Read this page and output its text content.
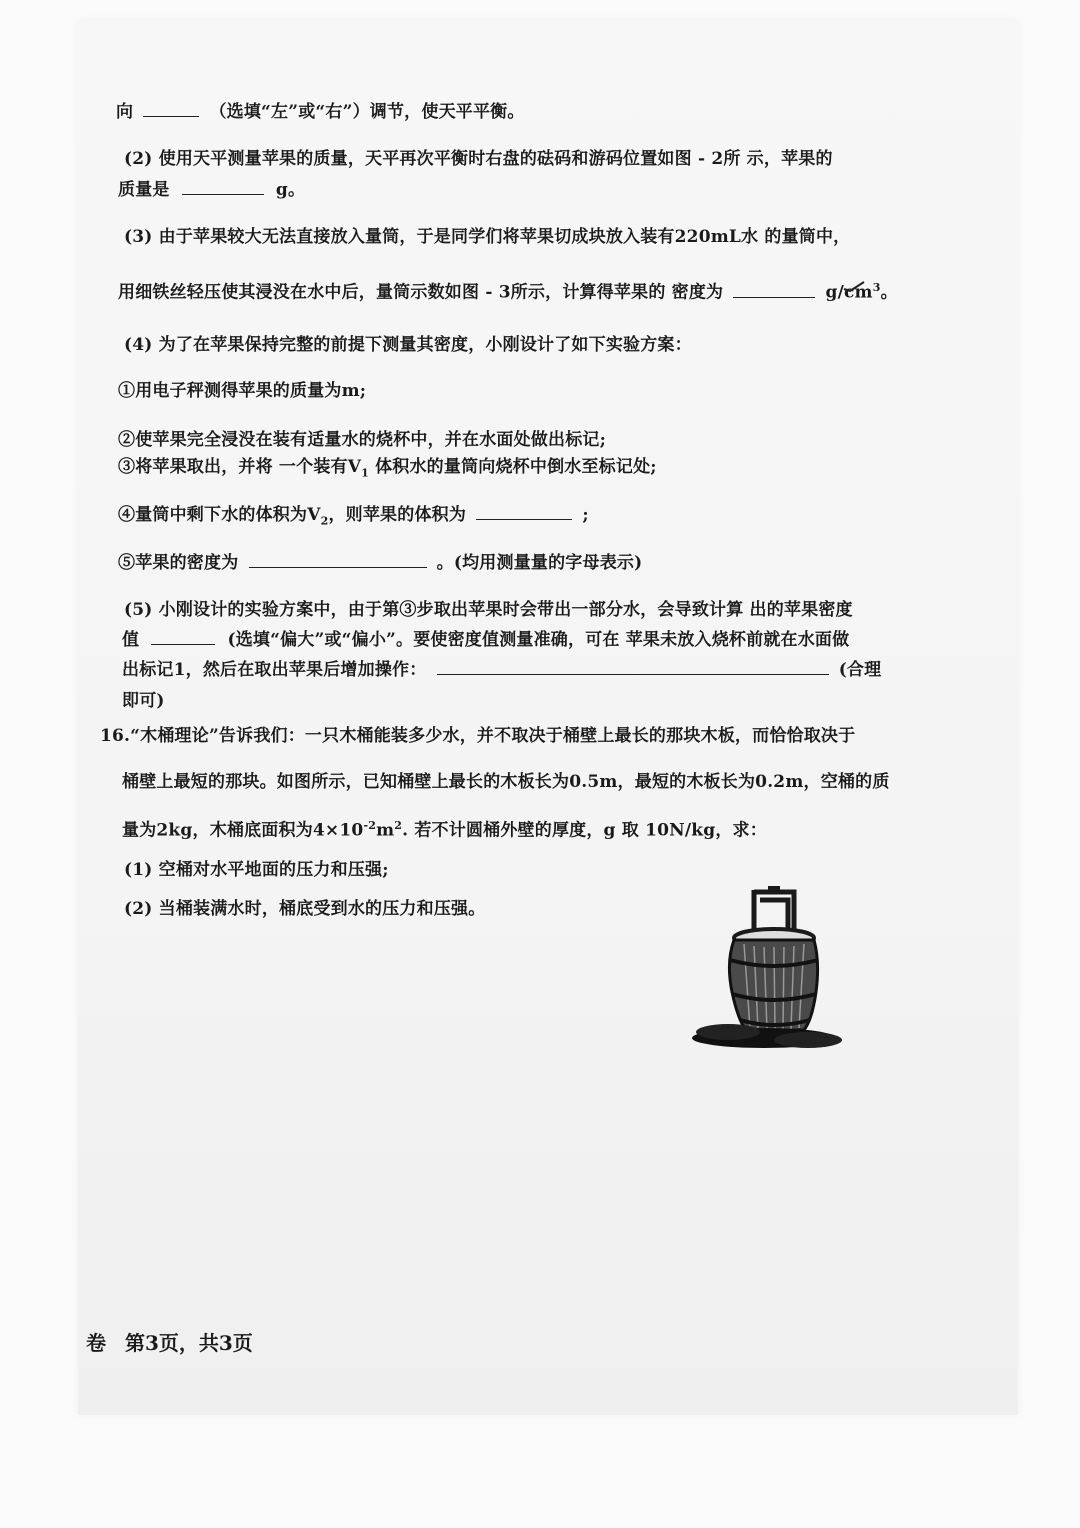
向	（选填“左”或“右”）调节，使天平平衡。
(2) 使用天平测量苹果的质量，天平再次平衡时右盘的砝码和游码位置如图 - 2所 示，苹果的
质量是	g。
(3) 由于苹果较大无法直接放入量筒，于是同学们将苹果切成块放入装有220mL水 的量筒中，
用细铁丝轻压使其浸没在水中后，量筒示数如图 - 3所示，计算得苹果的 密度为	$g/cm^3$。
(4) 为了在苹果保持完整的前提下测量其密度，小刚设计了如下实验方案：
①用电子秤测得苹果的质量为m;
②使苹果完全浸没在装有适量水的烧杯中，并在水面处做出标记;
③将苹果取出，并将 一个装有$V_1$ 体积水的量筒向烧杯中倒水至标记处;
④量筒中剩下水的体积为$V_2$，则苹果的体积为	;
⑤苹果的密度为	。(均用测量量的字母表示)
(5) 小刚设计的实验方案中，由于第③步取出苹果时会带出一部分水，会导致计算 出的苹果密度
值	(选填“偏大”或“偏小”。要使密度值测量准确，可在 苹果未放入烧杯前就在水面做
出标记1，然后在取出苹果后增加操作：	(合理
即可)
16.“木桶理论”告诉我们：一只木桶能装多少水，并不取决于桶壁上最长的那块木板，而恰恰取决于
桶壁上最短的那块。如图所示，已知桶壁上最长的木板长为0.5m，最短的木板长为0.2m，空桶的质
量为2kg，木桶底面积为$4\times 10^{-2}m^2$. 若不计圆桶外壁的厚度，g 取 10N/kg，求：
(1) 空桶对水平地面的压力和压强;
(2) 当桶装满水时，桶底受到水的压力和压强。
卷 第3页，共3页
